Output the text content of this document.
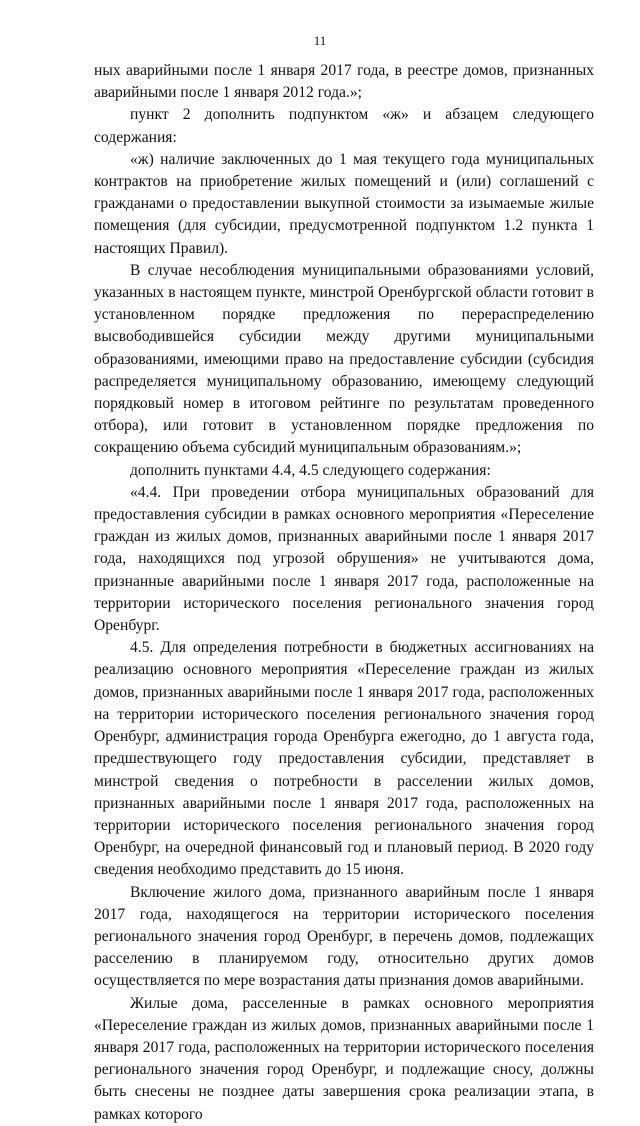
11

ных аварийными после 1 января 2017 года, в реестре домов, признанных аварийными после 1 января 2012 года.»;

пункт 2 дополнить подпунктом «ж» и абзацем следующего содержания:

«ж) наличие заключенных до 1 мая текущего года муниципальных контрактов на приобретение жилых помещений и (или) соглашений с гражданами о предоставлении выкупной стоимости за изымаемые жилые помещения (для субсидии, предусмотренной подпунктом 1.2 пункта 1 настоящих Правил).

В случае несоблюдения муниципальными образованиями условий, указанных в настоящем пункте, минстрой Оренбургской области готовит в установленном порядке предложения по перераспределению высвободившейся субсидии между другими муниципальными образованиями, имеющими право на предоставление субсидии (субсидия распределяется муниципальному образованию, имеющему следующий порядковый номер в итоговом рейтинге по результатам проведенного отбора), или готовит в установленном порядке предложения по сокращению объема субсидий муниципальным образованиям.»;

дополнить пунктами 4.4, 4.5 следующего содержания:

«4.4. При проведении отбора муниципальных образований для предоставления субсидии в рамках основного мероприятия «Переселение граждан из жилых домов, признанных аварийными после 1 января 2017 года, находящихся под угрозой обрушения» не учитываются дома, признанные аварийными после 1 января 2017 года, расположенные на территории исторического поселения регионального значения город Оренбург.

4.5. Для определения потребности в бюджетных ассигнованиях на реализацию основного мероприятия «Переселение граждан из жилых домов, признанных аварийными после 1 января 2017 года, расположенных на территории исторического поселения регионального значения город Оренбург, администрация города Оренбурга ежегодно, до 1 августа года, предшествующего году предоставления субсидии, представляет в минстрой сведения о потребности в расселении жилых домов, признанных аварийными после 1 января 2017 года, расположенных на территории исторического поселения регионального значения город Оренбург, на очередной финансовый год и плановый период. В 2020 году сведения необходимо представить до 15 июня.

Включение жилого дома, признанного аварийным после 1 января 2017 года, находящегося на территории исторического поселения регионального значения город Оренбург, в перечень домов, подлежащих расселению в планируемом году, относительно других домов осуществляется по мере возрастания даты признания домов аварийными.

Жилые дома, расселенные в рамках основного мероприятия «Переселение граждан из жилых домов, признанных аварийными после 1 января 2017 года, расположенных на территории исторического поселения регионального значения город Оренбург, и подлежащие сносу, должны быть снесены не позднее даты завершения срока реализации этапа, в рамках которого
